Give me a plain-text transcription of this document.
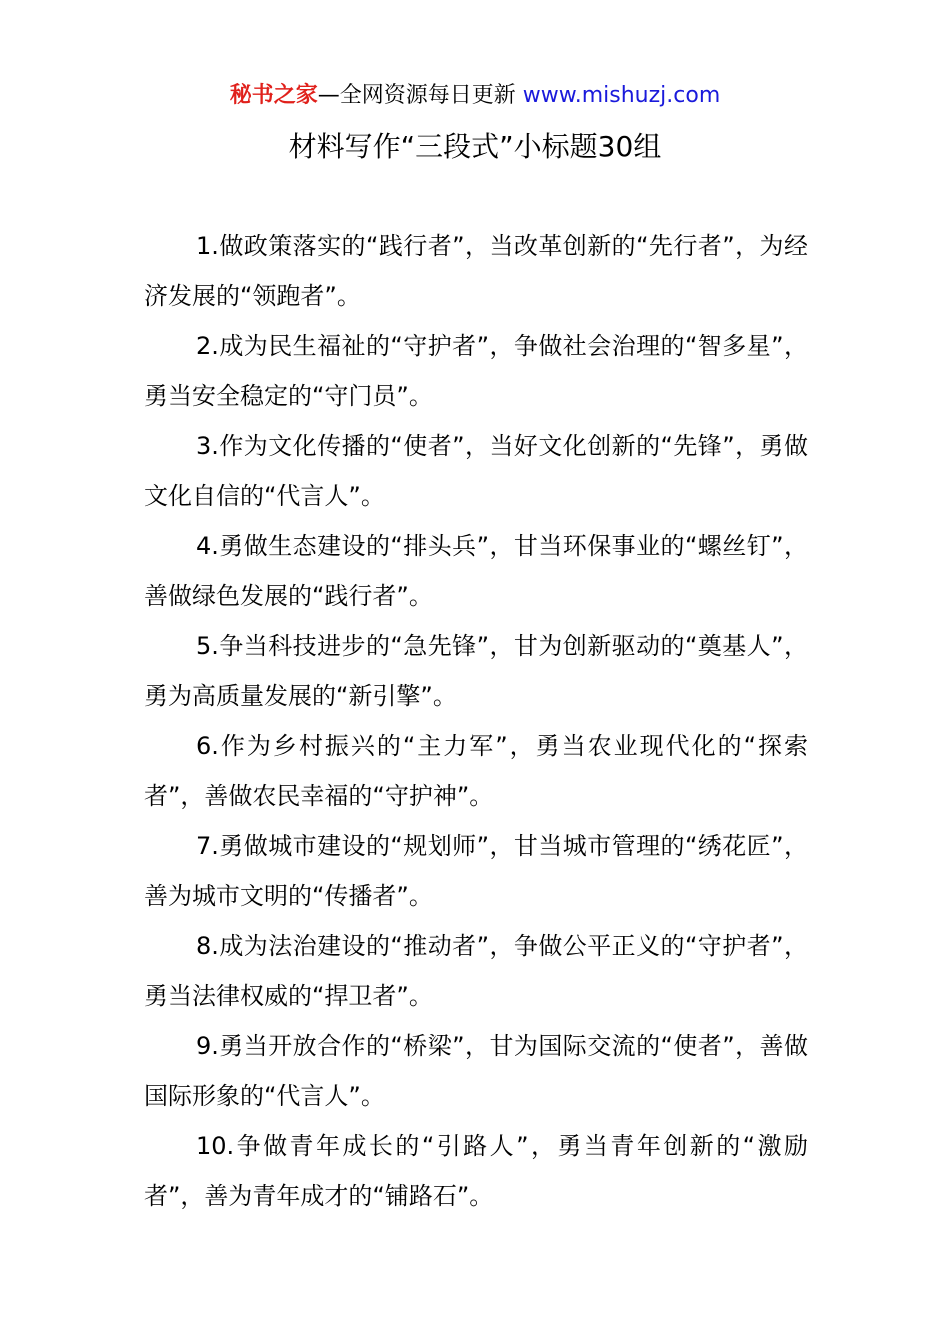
秘书之家—全网资源每日更新 www.mishuzj.com
材料写作“三段式”小标题30组

1.做政策落实的“践行者”，当改革创新的“先行者”，为经济发展的“领跑者”。

2.成为民生福祉的“守护者”，争做社会治理的“智多星”，勇当安全稳定的“守门员”。

3.作为文化传播的“使者”，当好文化创新的“先锋”，勇做文化自信的“代言人”。

4.勇做生态建设的“排头兵”，甘当环保事业的“螺丝钉”，善做绿色发展的“践行者”。

5.争当科技进步的“急先锋”，甘为创新驱动的“奠基人”，勇为高质量发展的“新引擎”。

6.作为乡村振兴的“主力军”，勇当农业现代化的“探索者”，善做农民幸福的“守护神”。

7.勇做城市建设的“规划师”，甘当城市管理的“绣花匠”，善为城市文明的“传播者”。

8.成为法治建设的“推动者”，争做公平正义的“守护者”，勇当法律权威的“捍卫者”。

9.勇当开放合作的“桥梁”，甘为国际交流的“使者”，善做国际形象的“代言人”。

10.争做青年成长的“引路人”，勇当青年创新的“激励者”，善为青年成才的“铺路石”。
